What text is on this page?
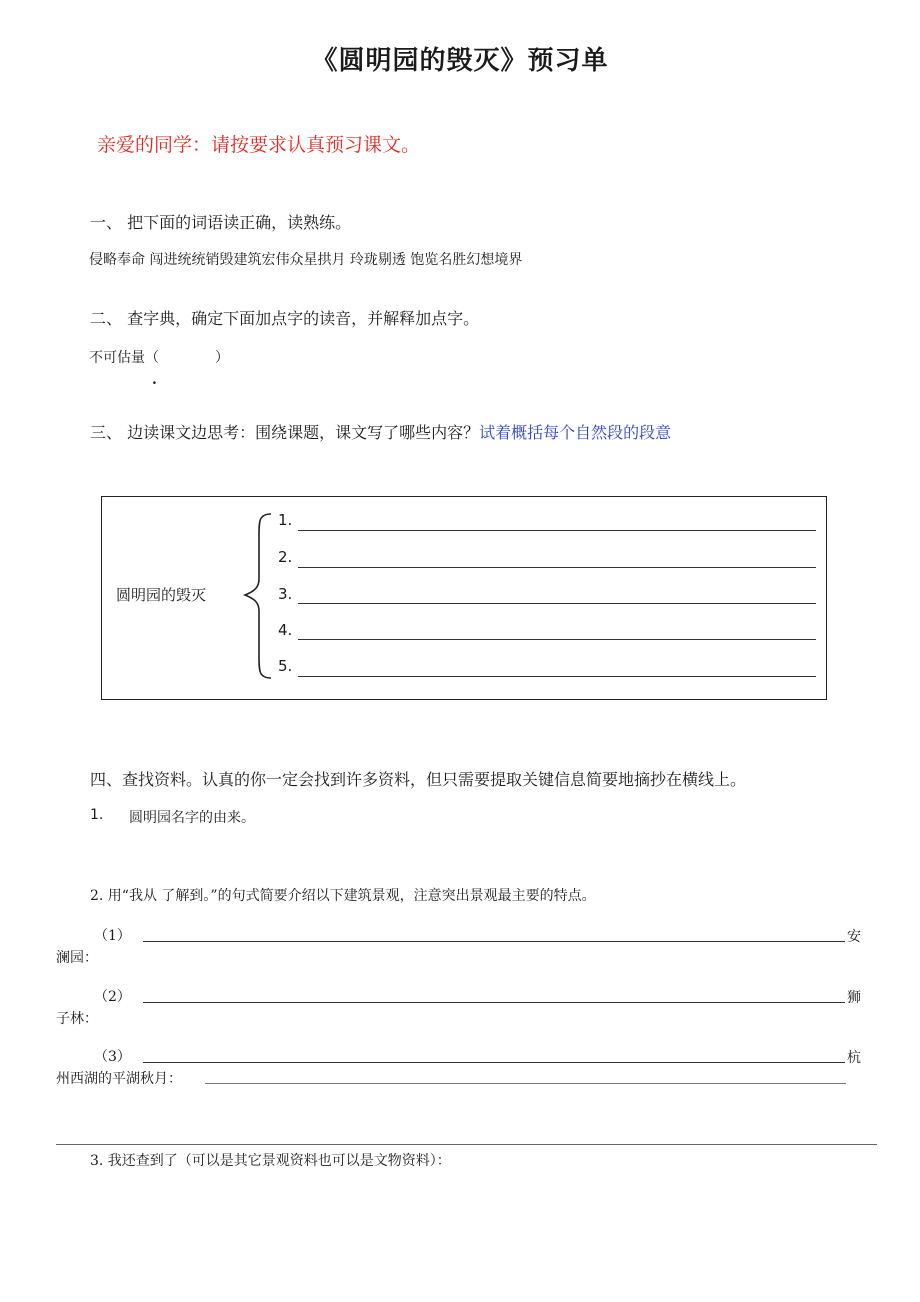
《圆明园的毁灭》预习单
亲爱的同学：请按要求认真预习课文。
一、 把下面的词语读正确，读熟练。
侵略奉命 闯进统统销毁建筑宏伟众星拱月 玲珑剔透 饱览名胜幻想境界
二、 查字典，确定下面加点字的读音，并解释加点字。
不可估量（　　　　）
.
三、 边读课文边思考：围绕课题，课文写了哪些内容？试着概括每个自然段的段意
圆明园的毁灭
1.
2.
3.
4.
5.
四、查找资料。认真的你一定会找到许多资料，但只需要提取关键信息简要地摘抄在横线上。
1. 圆明园名字的由来。
2. 用“我从 了解到。”的句式简要介绍以下建筑景观，注意突出景观最主要的特点。
（1）	安
澜园：
（2）	狮
子林：
（3）	杭
州西湖的平湖秋月：
3. 我还查到了（可以是其它景观资料也可以是文物资料）：
